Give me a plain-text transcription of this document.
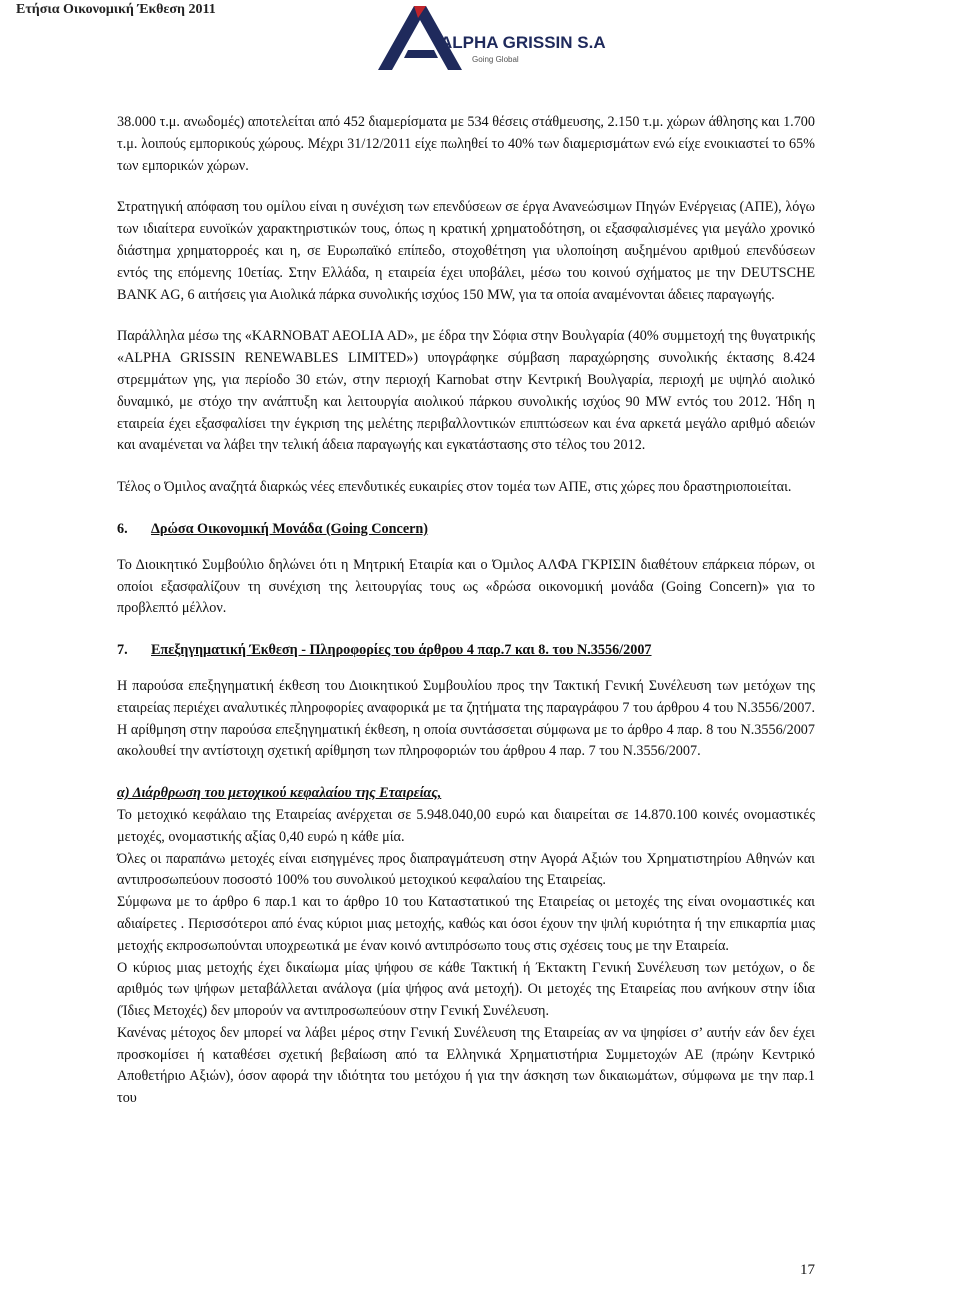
Ετήσια Οικονομική Έκθεση 2011
ALPHA GRISSIN S.A
Going Global

38.000 τ.μ. ανωδομές) αποτελείται από 452 διαμερίσματα με 534 θέσεις στάθμευσης, 2.150 τ.μ. χώρων άθλησης και 1.700 τ.μ. λοιπούς εμπορικούς χώρους. Μέχρι 31/12/2011 είχε πωληθεί το 40% των διαμερισμάτων ενώ είχε ενοικιαστεί το 65% των εμπορικών χώρων.

Στρατηγική απόφαση του ομίλου είναι η συνέχιση των επενδύσεων σε έργα Ανανεώσιμων Πηγών Ενέργειας (ΑΠΕ), λόγω των ιδιαίτερα ευνοϊκών χαρακτηριστικών τους, όπως η κρατική χρηματοδότηση, οι εξασφαλισμένες για μεγάλο χρονικό διάστημα χρηματορροές και η, σε Ευρωπαϊκό επίπεδο, στοχοθέτηση για υλοποίηση αυξημένου αριθμού επενδύσεων εντός της επόμενης 10ετίας. Στην Ελλάδα, η εταιρεία έχει υποβάλει, μέσω του κοινού σχήματος με την DEUTSCHE BANK AG, 6 αιτήσεις για Αιολικά πάρκα συνολικής ισχύος 150 MW, για τα οποία αναμένονται άδειες παραγωγής.

Παράλληλα μέσω της «KARNOBAT AEOLIA AD», με έδρα την Σόφια στην Βουλγαρία (40% συμμετοχή της θυγατρικής «ALPHA GRISSIN RENEWABLES LIMITED») υπογράφηκε σύμβαση παραχώρησης συνολικής έκτασης 8.424 στρεμμάτων γης, για περίοδο 30 ετών, στην περιοχή Karnobat στην Κεντρική Βουλγαρία, περιοχή με υψηλό αιολικό δυναμικό, με στόχο την ανάπτυξη και λειτουργία αιολικού πάρκου συνολικής ισχύος 90 MW εντός του 2012. Ήδη η εταιρεία έχει εξασφαλίσει την έγκριση της μελέτης περιβαλλοντικών επιπτώσεων και ένα αρκετά μεγάλο αριθμό αδειών και αναμένεται να λάβει την τελική άδεια παραγωγής και εγκατάστασης στο τέλος του 2012.

Τέλος ο Όμιλος αναζητά διαρκώς νέες επενδυτικές ευκαιρίες στον τομέα των ΑΠΕ, στις χώρες που δραστηριοποιείται.

6. Δρώσα Οικονομική Μονάδα (Going Concern)

Το Διοικητικό Συμβούλιο δηλώνει ότι η Μητρική Εταιρία και ο Όμιλος ΑΛΦΑ ΓΚΡΙΣΙΝ διαθέτουν επάρκεια πόρων, οι οποίοι εξασφαλίζουν τη συνέχιση της λειτουργίας τους ως «δρώσα οικονομική μονάδα (Going Concern)» για το προβλεπτό μέλλον.

7. Επεξηγηματική Έκθεση - Πληροφορίες του άρθρου 4 παρ.7 και 8. του Ν.3556/2007

Η παρούσα επεξηγηματική έκθεση του Διοικητικού Συμβουλίου προς την Τακτική Γενική Συνέλευση των μετόχων της εταιρείας περιέχει αναλυτικές πληροφορίες αναφορικά με τα ζητήματα της παραγράφου 7 του άρθρου 4 του Ν.3556/2007. Η αρίθμηση στην παρούσα επεξηγηματική έκθεση, η οποία συντάσσεται σύμφωνα με το άρθρο 4 παρ. 8 του Ν.3556/2007 ακολουθεί την αντίστοιχη σχετική αρίθμηση των πληροφοριών του άρθρου 4 παρ. 7 του Ν.3556/2007.

α) Διάρθρωση του μετοχικού κεφαλαίου της Εταιρείας,

Το μετοχικό κεφάλαιο της Εταιρείας ανέρχεται σε 5.948.040,00 ευρώ και διαιρείται σε 14.870.100 κοινές ονομαστικές μετοχές, ονομαστικής αξίας 0,40 ευρώ η κάθε μία.

Όλες οι παραπάνω μετοχές είναι εισηγμένες προς διαπραγμάτευση στην Αγορά Αξιών του Χρηματιστηρίου Αθηνών και αντιπροσωπεύουν ποσοστό 100% του συνολικού μετοχικού κεφαλαίου της Εταιρείας.

Σύμφωνα με το άρθρο 6 παρ.1 και το άρθρο 10 του Καταστατικού της Εταιρείας οι μετοχές της είναι ονομαστικές και αδιαίρετες . Περισσότεροι από ένας κύριοι μιας μετοχής, καθώς και όσοι έχουν την ψιλή κυριότητα ή την επικαρπία μιας μετοχής εκπροσωπούνται υποχρεωτικά με έναν κοινό αντιπρόσωπο τους στις σχέσεις τους με την Εταιρεία.

Ο κύριος μιας μετοχής έχει δικαίωμα μίας ψήφου σε κάθε Τακτική ή Έκτακτη Γενική Συνέλευση των μετόχων, ο δε αριθμός των ψήφων μεταβάλλεται ανάλογα (μία ψήφος ανά μετοχή). Οι μετοχές της Εταιρείας που ανήκουν στην ίδια (Ίδιες Μετοχές) δεν μπορούν να αντιπροσωπεύουν στην Γενική Συνέλευση.

Κανένας μέτοχος δεν μπορεί να λάβει μέρος στην Γενική Συνέλευση της Εταιρείας αν να ψηφίσει σ’ αυτήν εάν δεν έχει προσκομίσει ή καταθέσει σχετική βεβαίωση από τα Ελληνικά Χρηματιστήρια Συμμετοχών ΑΕ (πρώην Κεντρικό Αποθετήριο Αξιών), όσον αφορά την ιδιότητα του μετόχου ή για την άσκηση των δικαιωμάτων, σύμφωνα με την παρ.1 του

17
